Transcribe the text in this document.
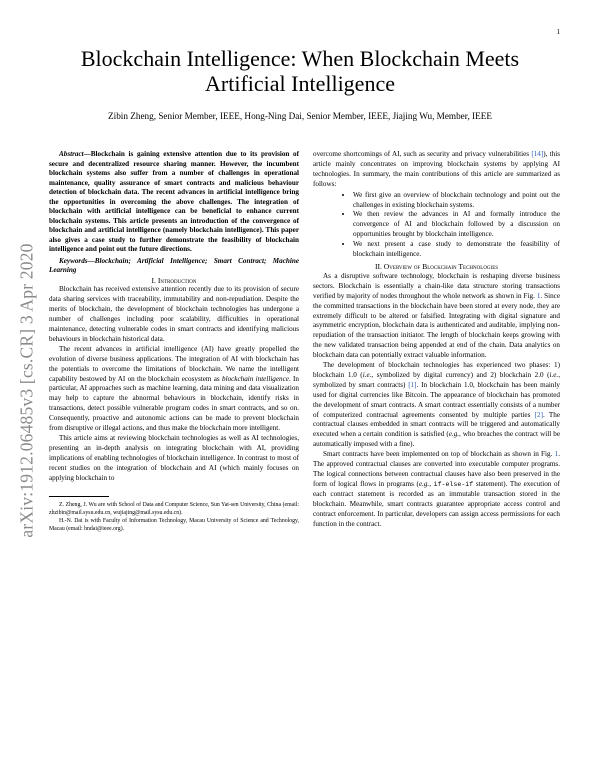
1
arXiv:1912.06485v3 [cs.CR] 3 Apr 2020
Blockchain Intelligence: When Blockchain Meets Artificial Intelligence
Zibin Zheng, Senior Member, IEEE, Hong-Ning Dai, Senior Member, IEEE, Jiajing Wu, Member, IEEE

Abstract—Blockchain is gaining extensive attention due to its provision of secure and decentralized resource sharing manner. However, the incumbent blockchain systems also suffer from a number of challenges in operational maintenance, quality assurance of smart contracts and malicious behaviour detection of blockchain data. The recent advances in artificial intelligence bring the opportunities in overcoming the above challenges. The integration of blockchain with artificial intelligence can be beneficial to enhance current blockchain systems. This article presents an introduction of the convergence of blockchain and artificial intelligence (namely blockchain intelligence). This paper also gives a case study to further demonstrate the feasibility of blockchain intelligence and point out the future directions.

Keywords—Blockchain; Artificial Intelligence; Smart Contract; Machine Learning

I. Introduction

Blockchain has received extensive attention recently due to its provision of secure data sharing services with traceability, immutability and non-repudiation. Despite the merits of blockchain, the development of blockchain technologies has undergone a number of challenges including poor scalability, difficulties in operational maintenance, detecting vulnerable codes in smart contracts and identifying malicious behaviours in blockchain historical data.

The recent advances in artificial intelligence (AI) have greatly propelled the evolution of diverse business applications. The integration of AI with blockchain has the potentials to overcome the limitations of blockchain. We name the intelligent capability bestowed by AI on the blockchain ecosystem as blockchain intelligence. In particular, AI approaches such as machine learning, data mining and data visualization may help to capture the abnormal behaviours in blockchain, identify risks in transactions, detect possible vulnerable program codes in smart contracts, and so on. Consequently, proactive and autonomic actions can be made to prevent blockchain from disruptive or illegal actions, and thus make the blockchain more intelligent.

This article aims at reviewing blockchain technologies as well as AI technologies, presenting an in-depth analysis on integrating blockchain with AI, providing implications of enabling technologies of blockchain intelligence. In contrast to most of recent studies on the integration of blockchain and AI (which mainly focuses on applying blockchain to

Z. Zheng, J. Wu are with School of Data and Computer Science, Sun Yat-sen University, China (email: zhzibin@mail.sysu.edu.cn, wujiajing@mail.sysu.edu.cn).

H.-N. Dai is with Faculty of Information Technology, Macau University of Science and Technology, Macau (email: hndai@ieee.org).

overcome shortcomings of AI, such as security and privacy vulnerabilities [14]), this article mainly concentrates on improving blockchain systems by applying AI technologies. In summary, the main contributions of this article are summarized as follows:

• We first give an overview of blockchain technology and point out the challenges in existing blockchain systems.
• We then review the advances in AI and formally introduce the convergence of AI and blockchain followed by a discussion on opportunities brought by blockchain intelligence.
• We next present a case study to demonstrate the feasibility of blockchain intelligence.

II. Overview of Blockchain Technologies

As a disruptive software technology, blockchain is reshaping diverse business sectors. Blockchain is essentially a chain-like data structure storing transactions verified by majority of nodes throughout the whole network as shown in Fig. 1. Since the committed transactions in the blockchain have been stored at every node, they are extremely difficult to be altered or falsified. Integrating with digital signature and asymmetric encryption, blockchain data is authenticated and auditable, implying non-repudiation of the transaction initiator. The length of blockchain keeps growing with the new validated transaction being appended at end of the chain. Data analytics on blockchain data can potentially extract valuable information.

The development of blockchain technologies has experienced two phases: 1) blockchain 1.0 (i.e., symbolized by digital currency) and 2) blockchain 2.0 (i.e., symbolized by smart contracts) [1]. In blockchain 1.0, blockchain has been mainly used for digital currencies like Bitcoin. The appearance of blockchain has promoted the development of smart contracts. A smart contract essentially consists of a number of computerized contractual agreements consented by multiple parties [2]. The contractual clauses embedded in smart contracts will be triggered and automatically executed when a certain condition is satisfied (e.g., who breaches the contract will be automatically imposed with a fine).

Smart contracts have been implemented on top of blockchain as shown in Fig. 1. The approved contractual clauses are converted into executable computer programs. The logical connections between contractual clauses have also been preserved in the form of logical flows in programs (e.g., if-else-if statement). The execution of each contract statement is recorded as an immutable transaction stored in the blockchain. Meanwhile, smart contracts guarantee appropriate access control and contract enforcement. In particular, developers can assign access permissions for each function in the contract.
